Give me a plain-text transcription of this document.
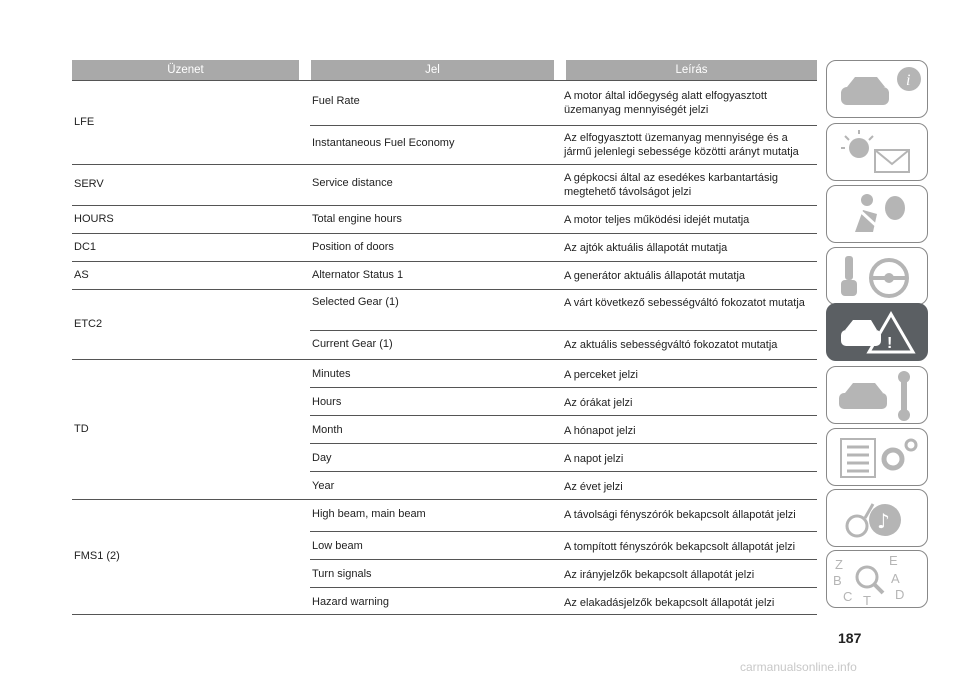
Üzenet	Jel	Leírás
LFE
Fuel Rate	A motor által időegység alatt elfogyasztott üzemanyag mennyiségét jelzi
Instantaneous Fuel Economy	Az elfogyasztott üzemanyag mennyisége és a jármű jelenlegi sebessége közötti arányt mutatja
SERV	Service distance	A gépkocsi által az esedékes karbantartásig megtehető távolságot jelzi
HOURS	Total engine hours	A motor teljes működési idejét mutatja
DC1	Position of doors	Az ajtók aktuális állapotát mutatja
AS	Alternator Status 1	A generátor aktuális állapotát mutatja
ETC2
Selected Gear (1)	A várt következő sebességváltó fokozatot mutatja
Current Gear (1)	Az aktuális sebességváltó fokozatot mutatja
TD
Minutes	A perceket jelzi
Hours	Az órákat jelzi
Month	A hónapot jelzi
Day	A napot jelzi
Year	Az évet jelzi
FMS1 (2)
High beam, main beam	A távolsági fényszórók bekapcsolt állapotát jelzi
Low beam	A tompított fényszórók bekapcsolt állapotát jelzi
Turn signals	Az irányjelzők bekapcsolt állapotát jelzi
Hazard warning	Az elakadásjelzők bekapcsolt állapotát jelzi
i
!
♪
Z	E
B	A
C T D
187
carmanualsonline.info
